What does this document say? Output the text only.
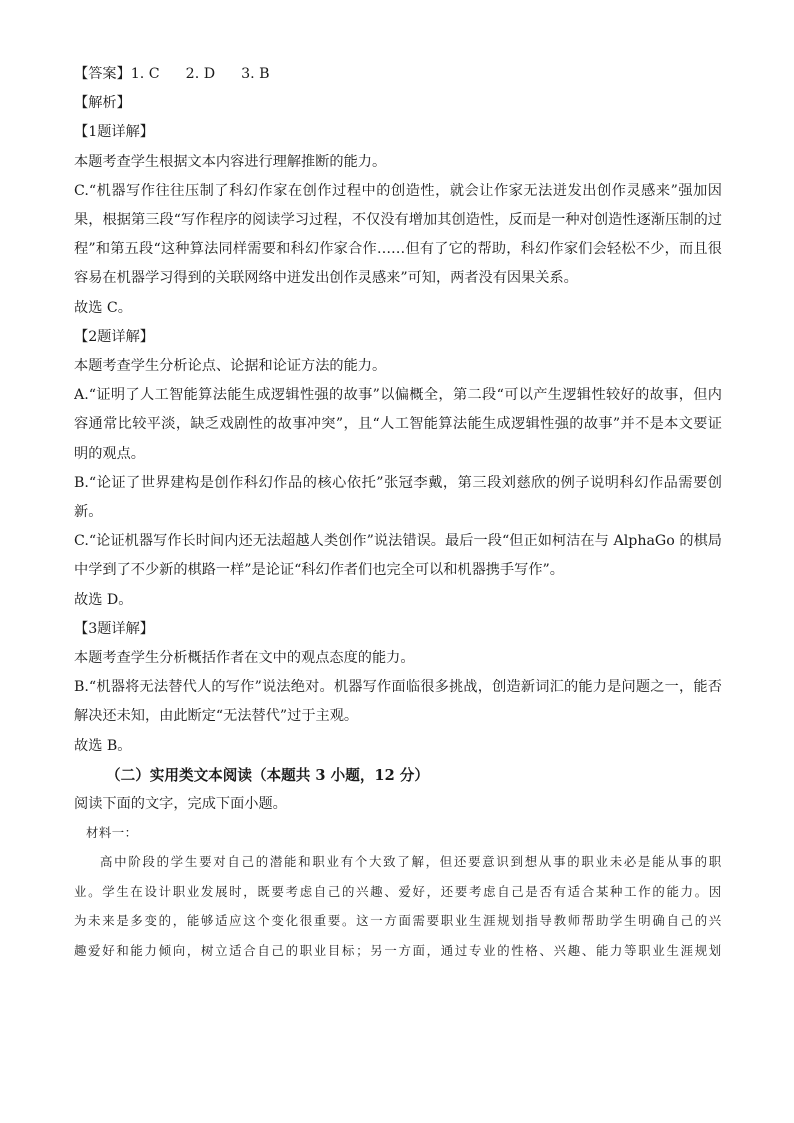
【答案】1. C 2. D 3. B

【解析】

【1题详解】

本题考查学生根据文本内容进行理解推断的能力。

C.“机器写作往往压制了科幻作家在创作过程中的创造性，就会让作家无法迸发出创作灵感来”强加因

果，根据第三段“写作程序的阅读学习过程，不仅没有增加其创造性，反而是一种对创造性逐渐压制的过

程”和第五段“这种算法同样需要和科幻作家合作……但有了它的帮助，科幻作家们会轻松不少，而且很

容易在机器学习得到的关联网络中迸发出创作灵感来”可知，两者没有因果关系。

故选 C。

【2题详解】

本题考查学生分析论点、论据和论证方法的能力。

A.“证明了人工智能算法能生成逻辑性强的故事”以偏概全，第二段“可以产生逻辑性较好的故事，但内

容通常比较平淡，缺乏戏剧性的故事冲突”，且“人工智能算法能生成逻辑性强的故事”并不是本文要证

明的观点。

B.“论证了世界建构是创作科幻作品的核心依托”张冠李戴，第三段刘慈欣的例子说明科幻作品需要创

新。

C.“论证机器写作长时间内还无法超越人类创作”说法错误。最后一段“但正如柯洁在与 AlphaGo 的棋局

中学到了不少新的棋路一样”是论证“科幻作者们也完全可以和机器携手写作”。

故选 D。

【3题详解】

本题考查学生分析概括作者在文中的观点态度的能力。

B.“机器将无法替代人的写作”说法绝对。机器写作面临很多挑战，创造新词汇的能力是问题之一，能否

解决还未知，由此断定“无法替代”过于主观。

故选 B。

（二）实用类文本阅读（本题共 3 小题，12 分）

阅读下面的文字，完成下面小题。

材料一：

高中阶段的学生要对自己的潜能和职业有个大致了解，但还要意识到想从事的职业未必是能从事的职

业。学生在设计职业发展时，既要考虑自己的兴趣、爱好，还要考虑自己是否有适合某种工作的能力。因

为未来是多变的，能够适应这个变化很重要。这一方面需要职业生涯规划指导教师帮助学生明确自己的兴

趣爱好和能力倾向，树立适合自己的职业目标；另一方面，通过专业的性格、兴趣、能力等职业生涯规划
